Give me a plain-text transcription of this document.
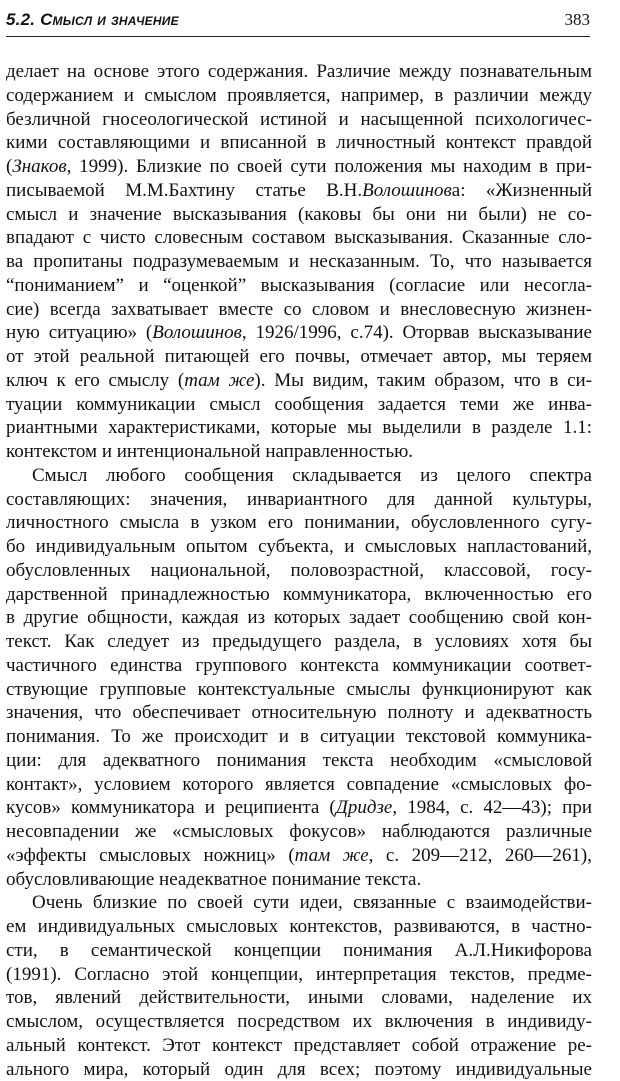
5.2. Смысл и значение	383
делает на основе этого содержания. Различие между познавательным
содержанием и смыслом проявляется, например, в различии между
безличной гносеологической истиной и насыщенной психологичес-
кими составляющими и вписанной в личностный контекст правдой
(Знаков, 1999). Близкие по своей сути положения мы находим в при-
писываемой М.М.Бахтину статье В.Н.Волошинова: «Жизненный
смысл и значение высказывания (каковы бы они ни были) не со-
впадают с чисто словесным составом высказывания. Сказанные сло-
ва пропитаны подразумеваемым и несказанным. То, что называется
“пониманием” и “оценкой” высказывания (согласие или несогла-
сие) всегда захватывает вместе со словом и внесловесную жизнен-
ную ситуацию» (Волошинов, 1926/1996, с.74). Оторвав высказывание
от этой реальной питающей его почвы, отмечает автор, мы теряем
ключ к его смыслу (там же). Мы видим, таким образом, что в си-
туации коммуникации смысл сообщения задается теми же инва-
риантными характеристиками, которые мы выделили в разделе 1.1:
контекстом и интенциональной направленностью.
Смысл любого сообщения складывается из целого спектра
составляющих: значения, инвариантного для данной культуры,
личностного смысла в узком его понимании, обусловленного сугу-
бо индивидуальным опытом субъекта, и смысловых напластований,
обусловленных национальной, половозрастной, классовой, госу-
дарственной принадлежностью коммуникатора, включенностью его
в другие общности, каждая из которых задает сообщению свой кон-
текст. Как следует из предыдущего раздела, в условиях хотя бы
частичного единства группового контекста коммуникации соответ-
ствующие групповые контекстуальные смыслы функционируют как
значения, что обеспечивает относительную полноту и адекватность
понимания. То же происходит и в ситуации текстовой коммуника-
ции: для адекватного понимания текста необходим «смысловой
контакт», условием которого является совпадение «смысловых фо-
кусов» коммуникатора и реципиента (Дридзе, 1984, с. 42—43); при
несовпадении же «смысловых фокусов» наблюдаются различные
«эффекты смысловых ножниц» (там же, с. 209—212, 260—261),
обусловливающие неадекватное понимание текста.
Очень близкие по своей сути идеи, связанные с взаимодействи-
ем индивидуальных смысловых контекстов, развиваются, в частно-
сти, в семантической концепции понимания А.Л.Никифорова
(1991). Согласно этой концепции, интерпретация текстов, предме-
тов, явлений действительности, иными словами, наделение их
смыслом, осуществляется посредством их включения в индивиду-
альный контекст. Этот контекст представляет собой отражение ре-
ального мира, который один для всех; поэтому индивидуальные
